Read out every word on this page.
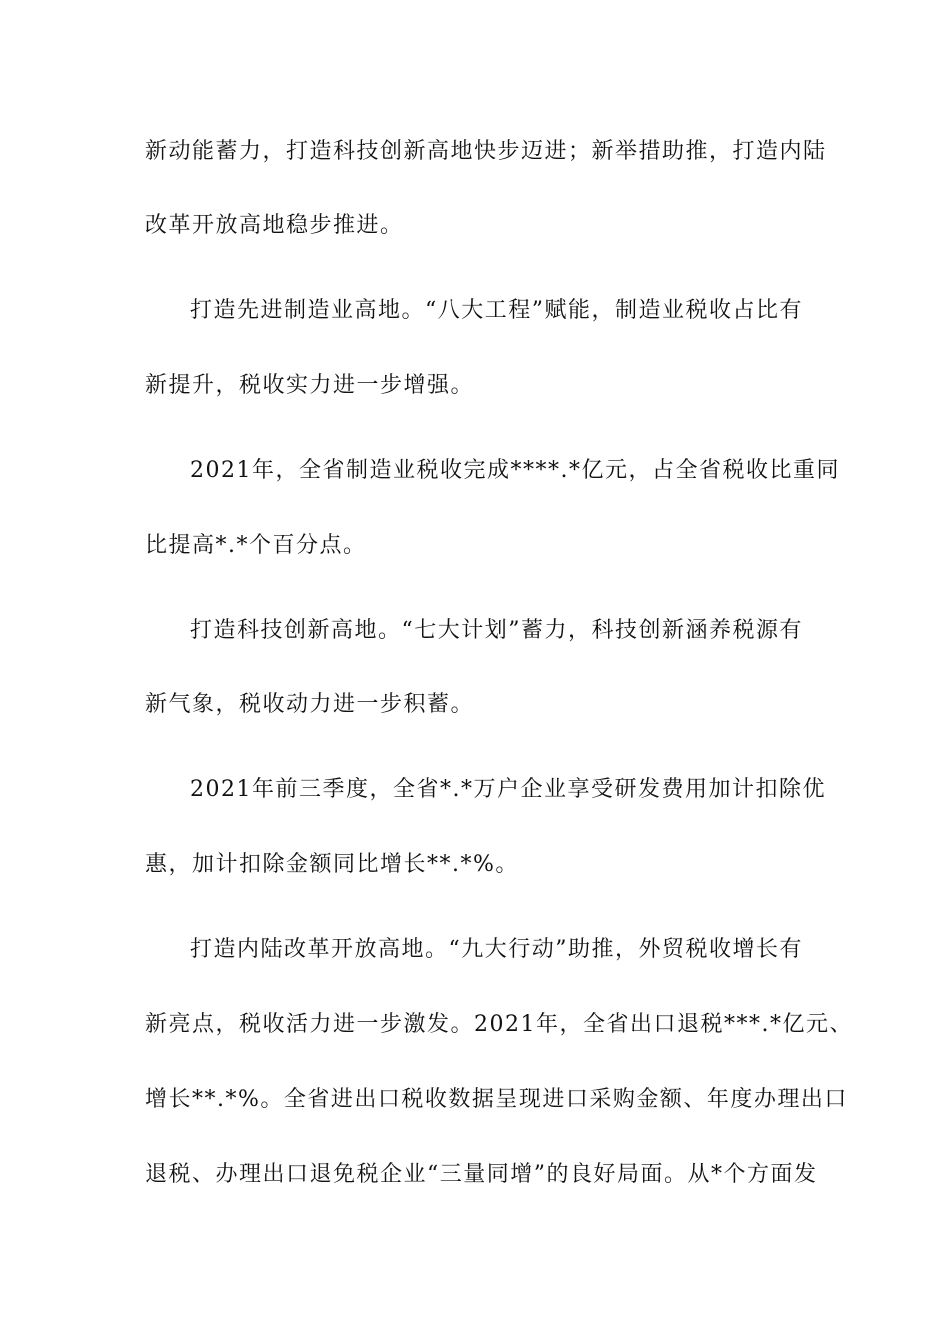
新动能蓄力，打造科技创新高地快步迈进；新举措助推，打造内陆
改革开放高地稳步推进。
打造先进制造业高地。“八大工程”赋能，制造业税收占比有
新提升，税收实力进一步增强。
2021年，全省制造业税收完成****.*亿元，占全省税收比重同
比提高*.*个百分点。
打造科技创新高地。“七大计划”蓄力，科技创新涵养税源有
新气象，税收动力进一步积蓄。
2021年前三季度，全省*.*万户企业享受研发费用加计扣除优
惠，加计扣除金额同比增长**.*%。
打造内陆改革开放高地。“九大行动”助推，外贸税收增长有
新亮点，税收活力进一步激发。2021年，全省出口退税***.*亿元、
增长**.*%。全省进出口税收数据呈现进口采购金额、年度办理出口
退税、办理出口退免税企业“三量同增”的良好局面。从*个方面发
